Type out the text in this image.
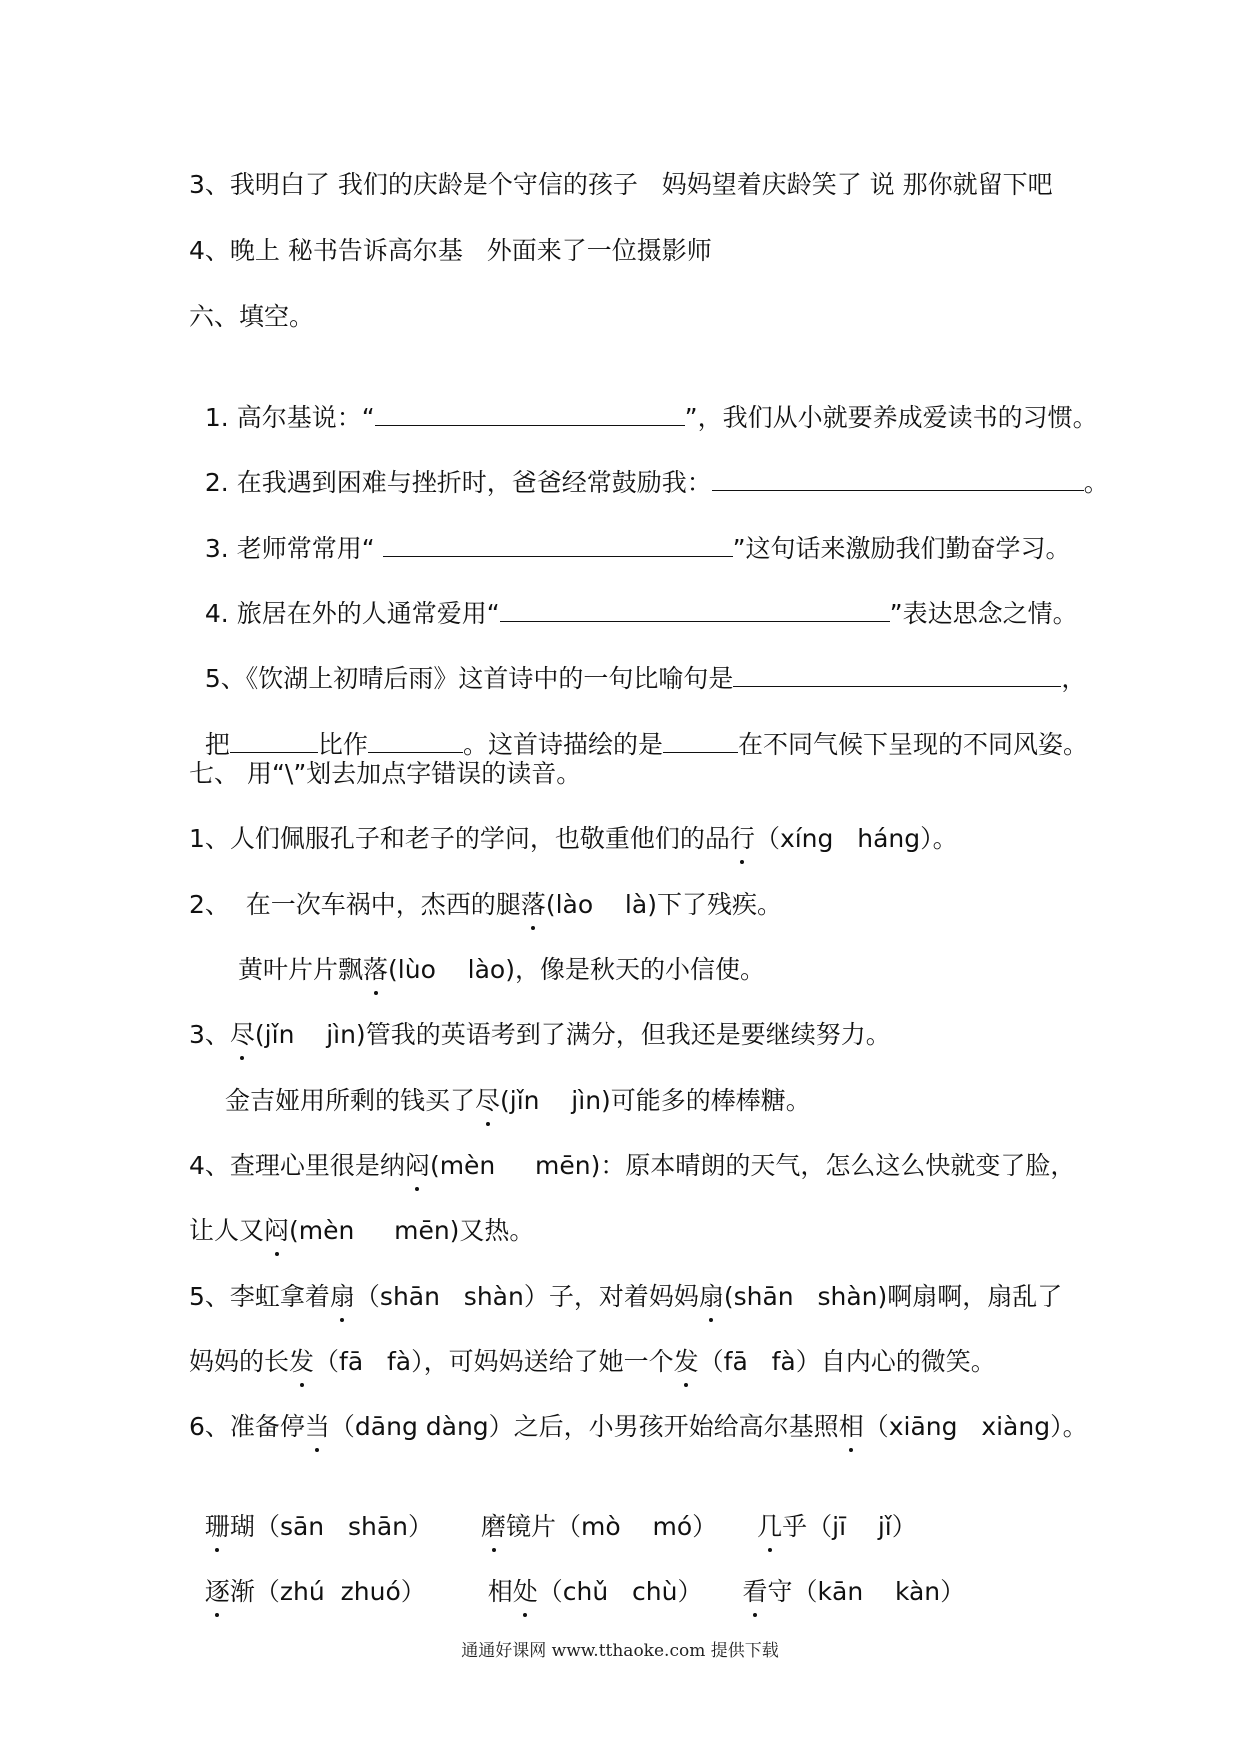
3、我明白了 我们的庆龄是个守信的孩子   妈妈望着庆龄笑了 说 那你就留下吧
4、晚上 秘书告诉高尔基   外面来了一位摄影师
六、填空。

1. 高尔基说：“	”，我们从小就要养成爱读书的习惯。

2. 在我遇到困难与挫折时，爸爸经常鼓励我：	。

3. 老师常常用“	”这句话来激励我们勤奋学习。

4. 旅居在外的人通常爱用“	”表达思念之情。

5、《饮湖上初晴后雨》这首诗中的一句比喻句是	，

把	比作	。这首诗描绘的是	在不同气候下呈现的不同风姿。

七、 用“\”划去加点字错误的读音。
1、人们佩服孔子和老子的学问，也敬重他们的品行（xíng   háng）。
2、  在一次车祸中，杰西的腿落(lào    là)下了残疾。
黄叶片片飘落(lùo    lào)，像是秋天的小信使。
3、尽(jǐn    jìn)管我的英语考到了满分，但我还是要继续努力。
金吉娅用所剩的钱买了尽(jǐn    jìn)可能多的棒棒糖。
4、查理心里很是纳闷(mèn     mēn)：原本晴朗的天气，怎么这么快就变了脸，
让人又闷(mèn     mēn)又热。
5、李虹拿着扇（shān   shàn）子，对着妈妈扇(shān   shàn)啊扇啊，扇乱了
妈妈的长发（fā   fà），可妈妈送给了她一个发（fā   fà）自内心的微笑。
6、准备停当（dāng dàng）之后，小男孩开始给高尔基照相（xiāng   xiàng）。

珊瑚（sān   shān） 磨镜片（mò    mó） 几乎（jī    jǐ）

逐渐（zhú  zhuó） 相处（chǔ   chù） 看守（kān    kàn）

通通好课网 www.tthaoke.com 提供下载
